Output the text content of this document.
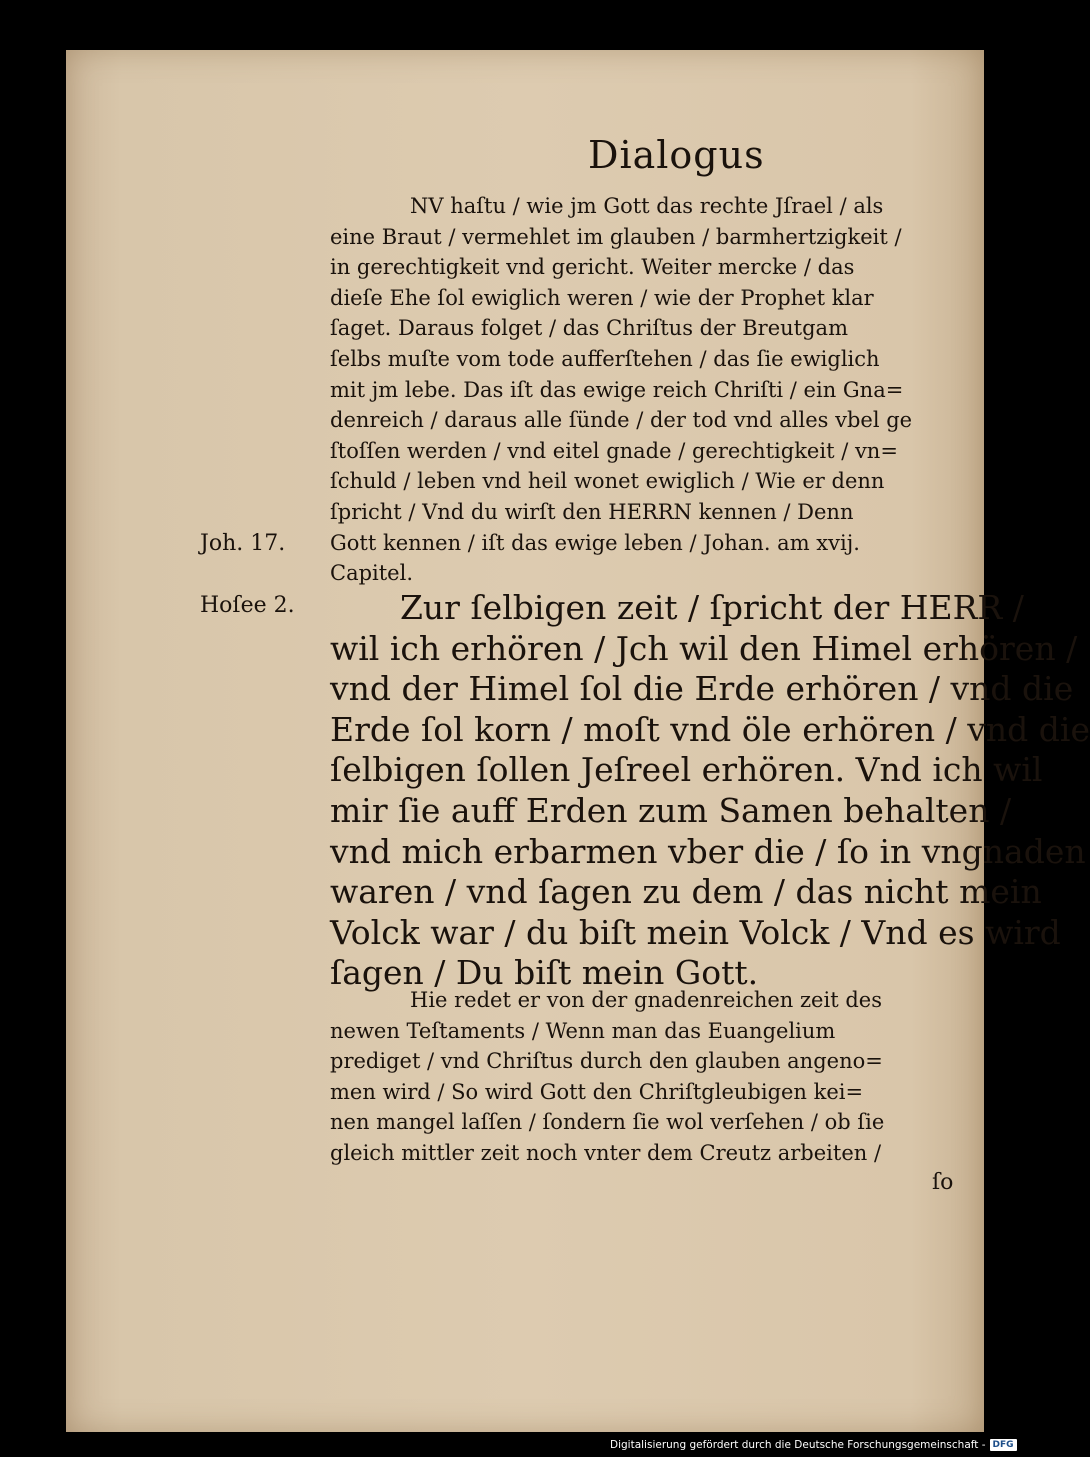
Dialogus
NV haſtu / wie jm Gott das rechte Jſrael / als
eine Braut / vermehlet im glauben / barmhertzigkeit /
in gerechtigkeit vnd gericht. Weiter mercke / das
dieſe Ehe ſol ewiglich weren / wie der Prophet klar
ſaget. Daraus folget / das Chriſtus der Breutgam
ſelbs muſte vom tode aufferſtehen / das ſie ewiglich
mit jm lebe. Das iſt das ewige reich Chriſti / ein Gna=
denreich / daraus alle ſünde / der tod vnd alles vbel ge
ſtoſſen werden / vnd eitel gnade / gerechtigkeit / vn=
ſchuld / leben vnd heil wonet ewiglich / Wie er denn
ſpricht / Vnd du wirſt den HERRN kennen / Denn
Gott kennen / iſt das ewige leben / Johan. am xvij.
Capitel.
Joh. 17.
Hoſee 2.	Zur ſelbigen zeit / ſpricht der HERR /
wil ich erhören / Jch wil den Himel erhören /
vnd der Himel ſol die Erde erhören / vnd die
Erde ſol korn / moſt vnd öle erhören / vnd die
ſelbigen ſollen Jeſreel erhören. Vnd ich wil
mir ſie auff Erden zum Samen behalten /
vnd mich erbarmen vber die / ſo in vngnaden
waren / vnd ſagen zu dem / das nicht mein
Volck war / du biſt mein Volck / Vnd es wird
ſagen / Du biſt mein Gott.
Hie redet er von der gnadenreichen zeit des
newen Teſtaments / Wenn man das Euangelium
prediget / vnd Chriſtus durch den glauben angeno=
men wird / So wird Gott den Chriſtgleubigen kei=
nen mangel laſſen / ſondern ſie wol verſehen / ob ſie
gleich mittler zeit noch vnter dem Creutz arbeiten /
ſo
Digitalisierung gefördert durch die Deutsche Forschungsgemeinschaft - DFG
